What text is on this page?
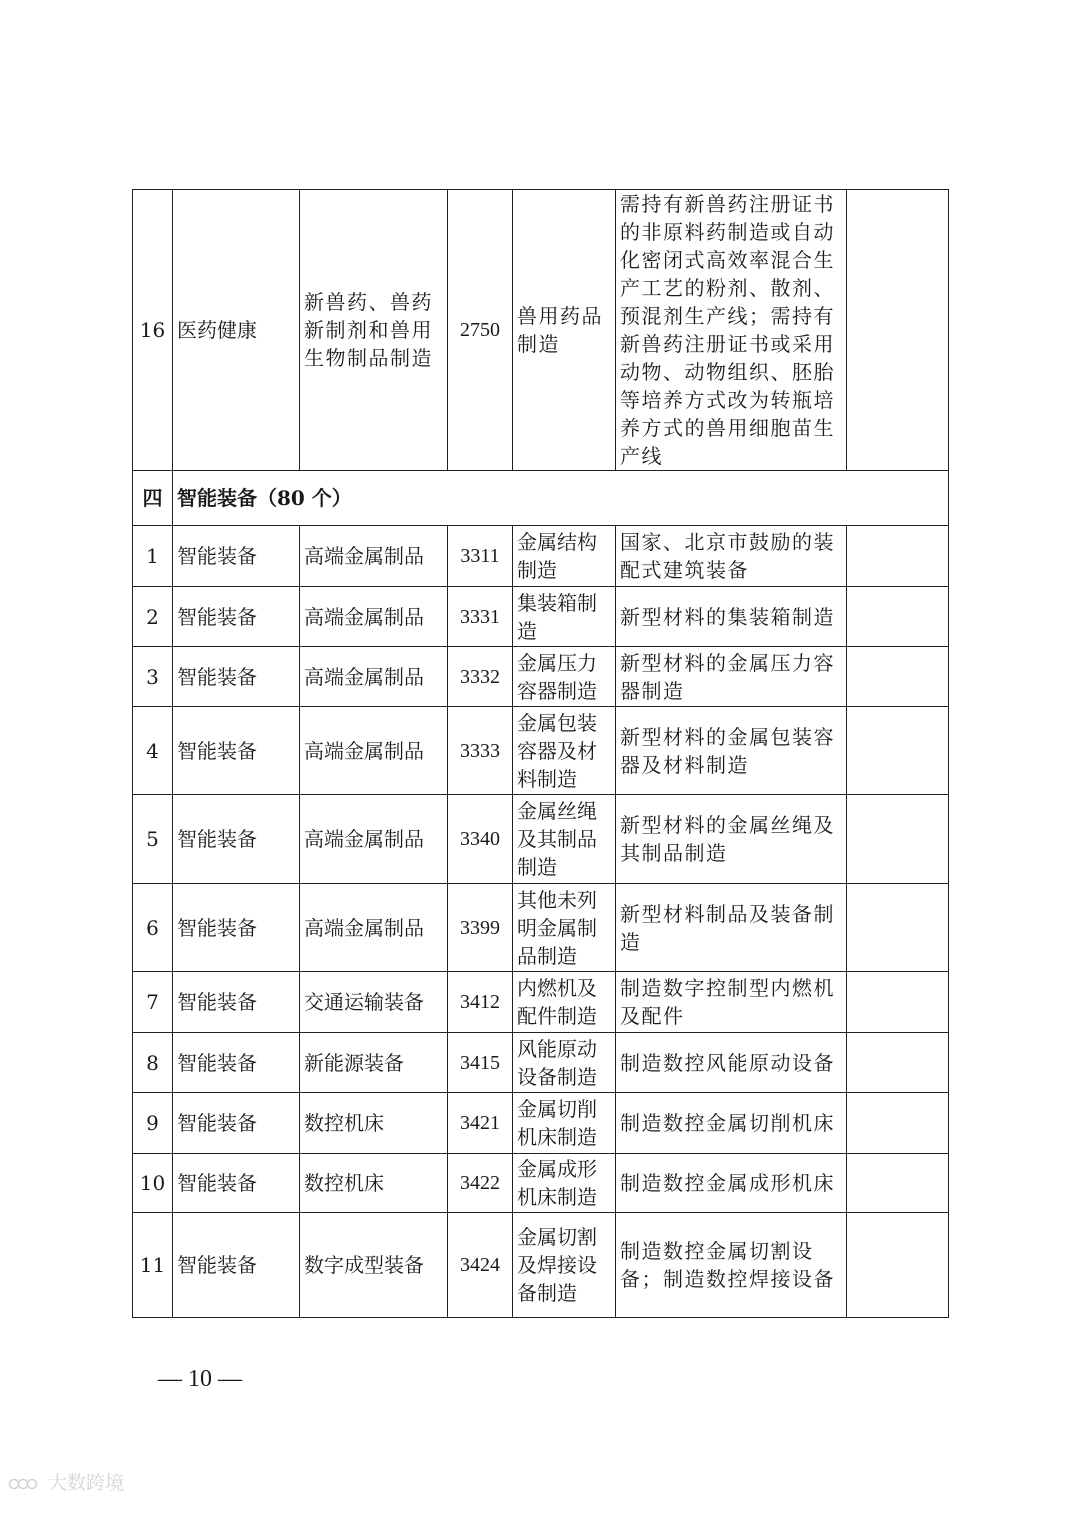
16	医药健康	新兽药、兽药新制剂和兽用生物制品制造	2750	兽用药品制造	需持有新兽药注册证书的非原料药制造或自动化密闭式高效率混合生产工艺的粉剂、散剂、预混剂生产线；需持有新兽药注册证书或采用动物、动物组织、胚胎等培养方式改为转瓶培养方式的兽用细胞苗生产线	
四	智能装备（80 个）					
1	智能装备	高端金属制品	3311	金属结构制造	国家、北京市鼓励的装配式建筑装备	
2	智能装备	高端金属制品	3331	集装箱制造	新型材料的集装箱制造	
3	智能装备	高端金属制品	3332	金属压力容器制造	新型材料的金属压力容器制造	
4	智能装备	高端金属制品	3333	金属包装容器及材料制造	新型材料的金属包装容器及材料制造	
5	智能装备	高端金属制品	3340	金属丝绳及其制品制造	新型材料的金属丝绳及其制品制造	
6	智能装备	高端金属制品	3399	其他未列明金属制品制造	新型材料制品及装备制造	
7	智能装备	交通运输装备	3412	内燃机及配件制造	制造数字控制型内燃机及配件	
8	智能装备	新能源装备	3415	风能原动设备制造	制造数控风能原动设备	
9	智能装备	数控机床	3421	金属切削机床制造	制造数控金属切削机床	
10	智能装备	数控机床	3422	金属成形机床制造	制造数控金属成形机床	
11	智能装备	数字成型装备	3424	金属切割及焊接设备制造	制造数控金属切割设备；制造数控焊接设备	
— 10 —
大数跨境
